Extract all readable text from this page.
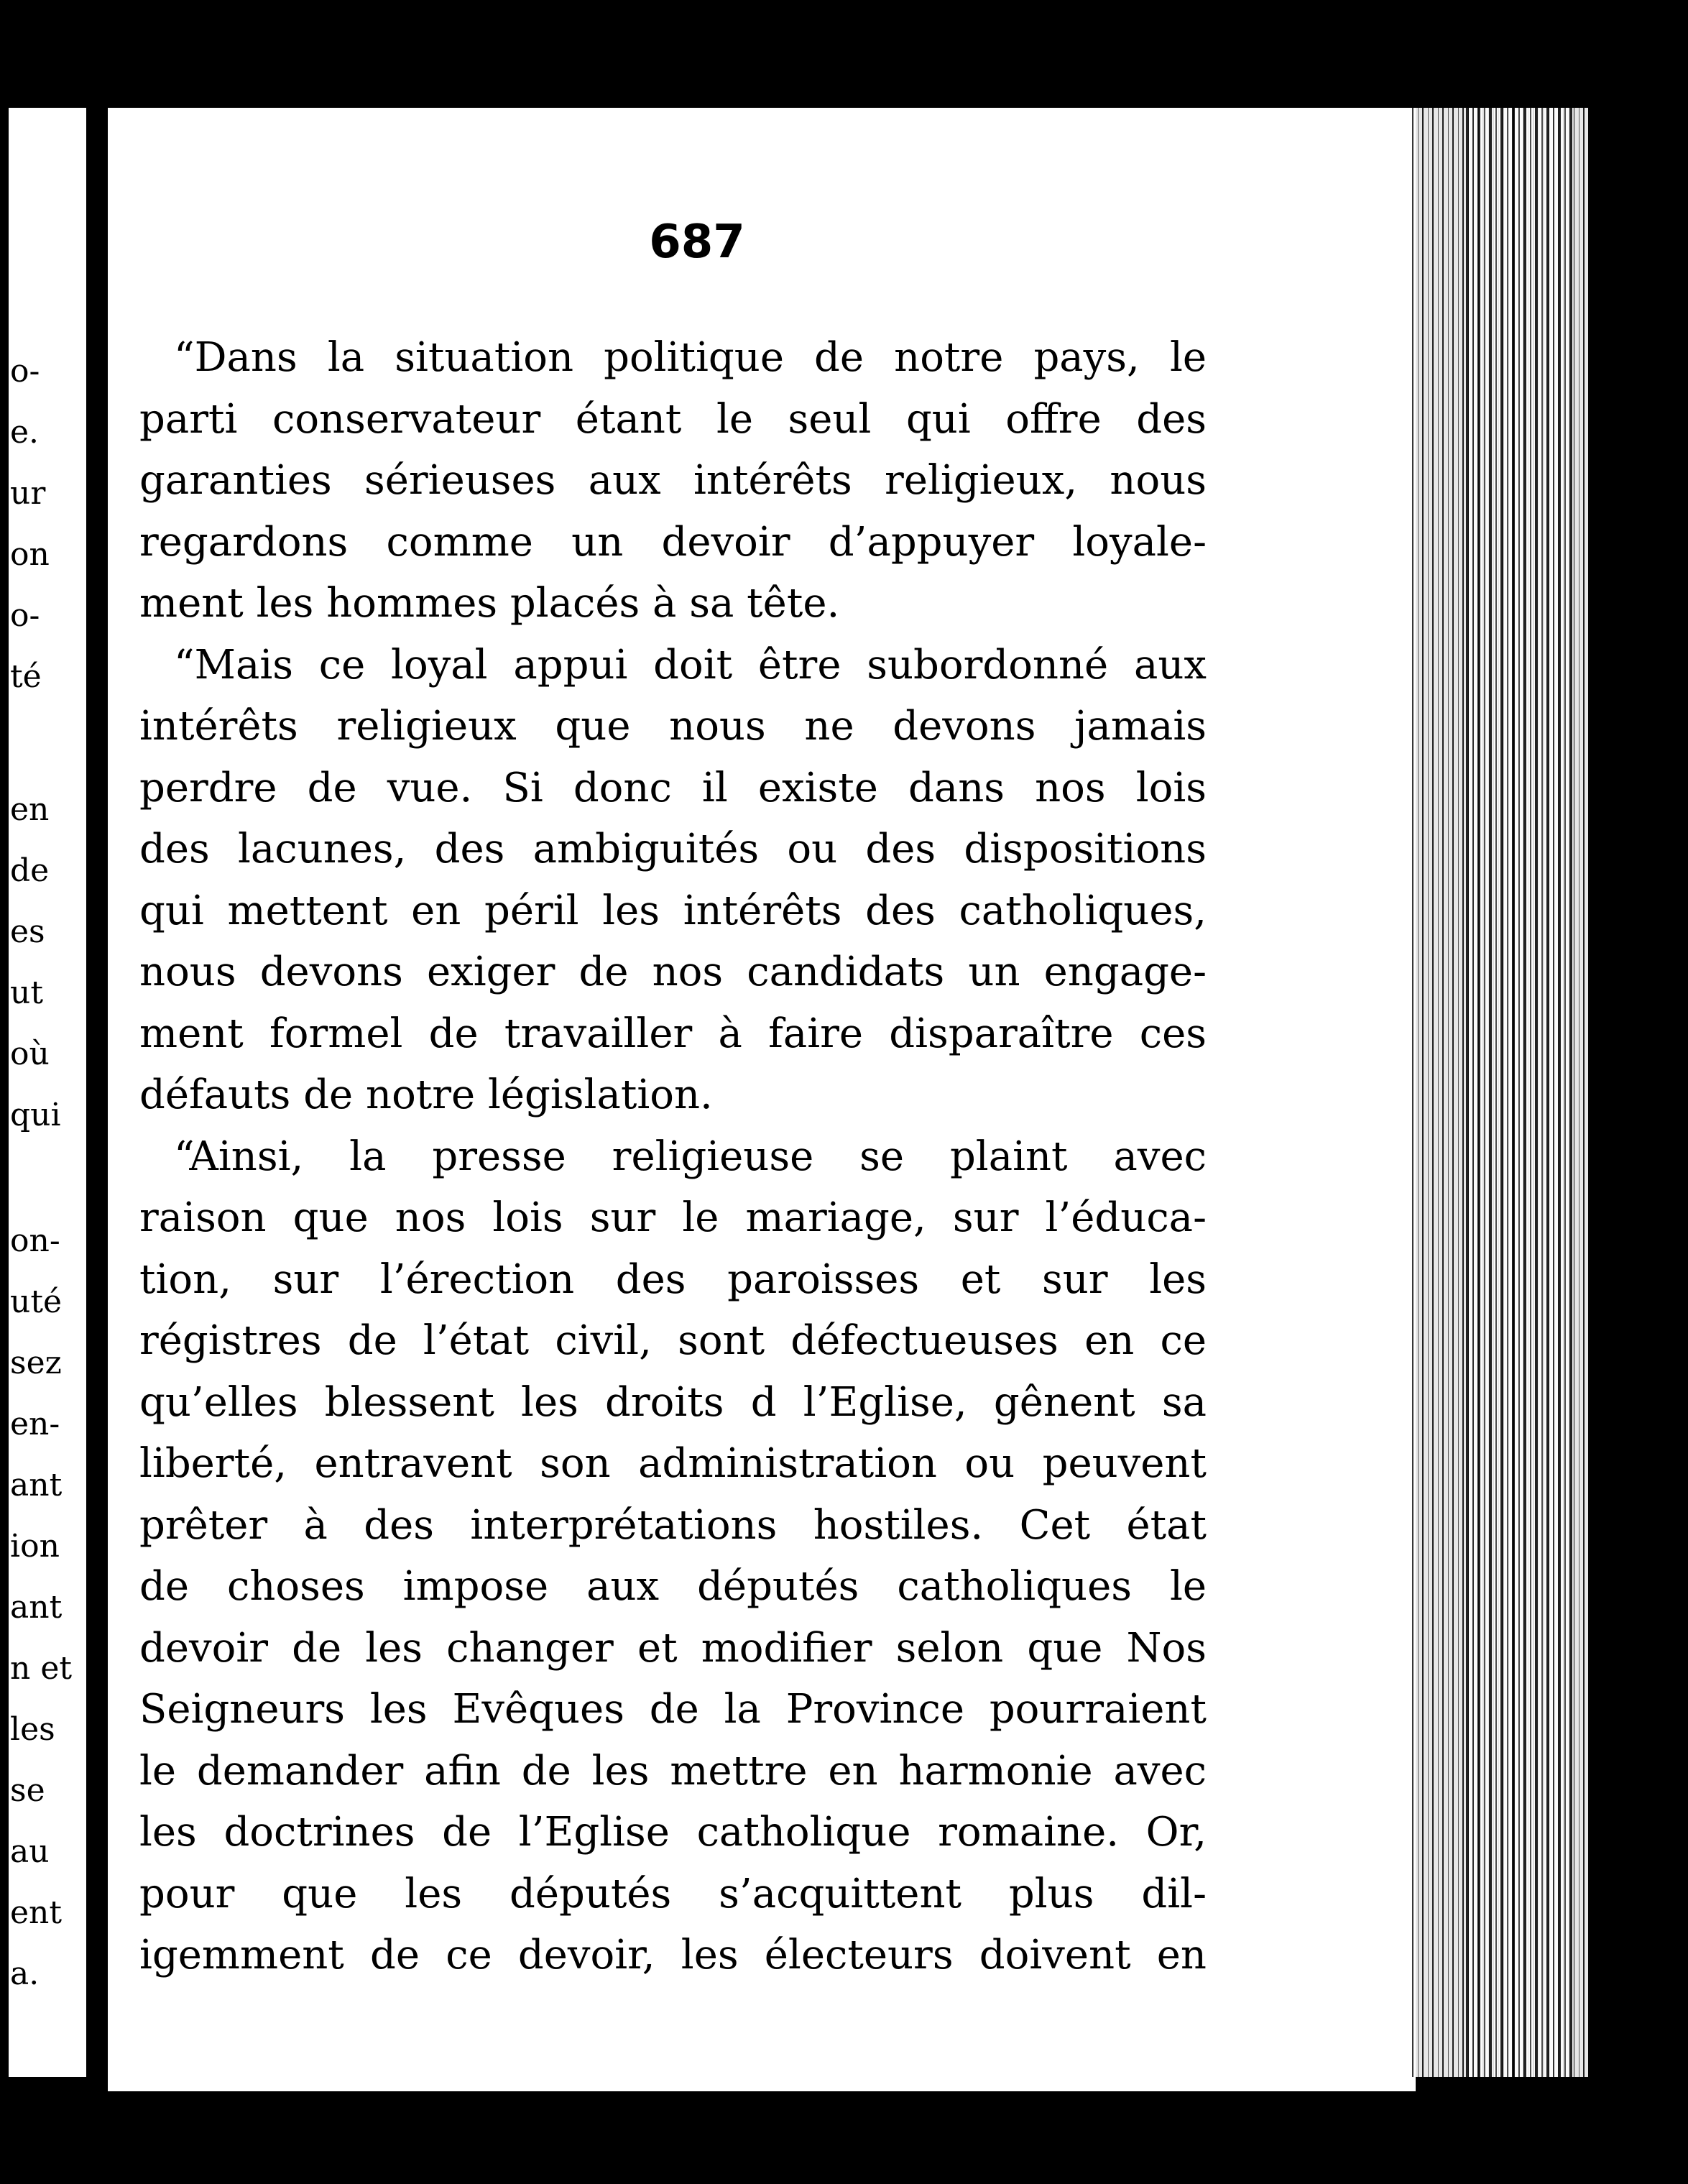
o-
e.
ur
on
o-
té
en
de
es
ut
où
qui
on-
uté
sez
en-
ant
ion
ant
n et
les
se
au
ent
a.
687

“Dans la situation politique de notre pays, le
parti conservateur étant le seul qui offre des
garanties sérieuses aux intérêts religieux, nous
regardons comme un devoir d’appuyer loyale-
ment les hommes placés à sa tête.

“Mais ce loyal appui doit être subordonné aux
intérêts religieux que nous ne devons jamais
perdre de vue. Si donc il existe dans nos lois
des lacunes, des ambiguités ou des dispositions
qui mettent en péril les intérêts des catholiques,
nous devons exiger de nos candidats un engage-
ment formel de travailler à faire disparaître ces
défauts de notre législation.

“Ainsi, la presse religieuse se plaint avec
raison que nos lois sur le mariage, sur l’éduca-
tion, sur l’érection des paroisses et sur les
régistres de l’état civil, sont défectueuses en ce
qu’elles blessent les droits d l’Eglise, gênent sa
liberté, entravent son administration ou peuvent
prêter à des interprétations hostiles. Cet état
de choses impose aux députés catholiques le
devoir de les changer et modifier selon que Nos
Seigneurs les Evêques de la Province pourraient
le demander afin de les mettre en harmonie avec
les doctrines de l’Eglise catholique romaine. Or,
pour que les députés s’acquittent plus dil-
igemment de ce devoir, les électeurs doivent en
